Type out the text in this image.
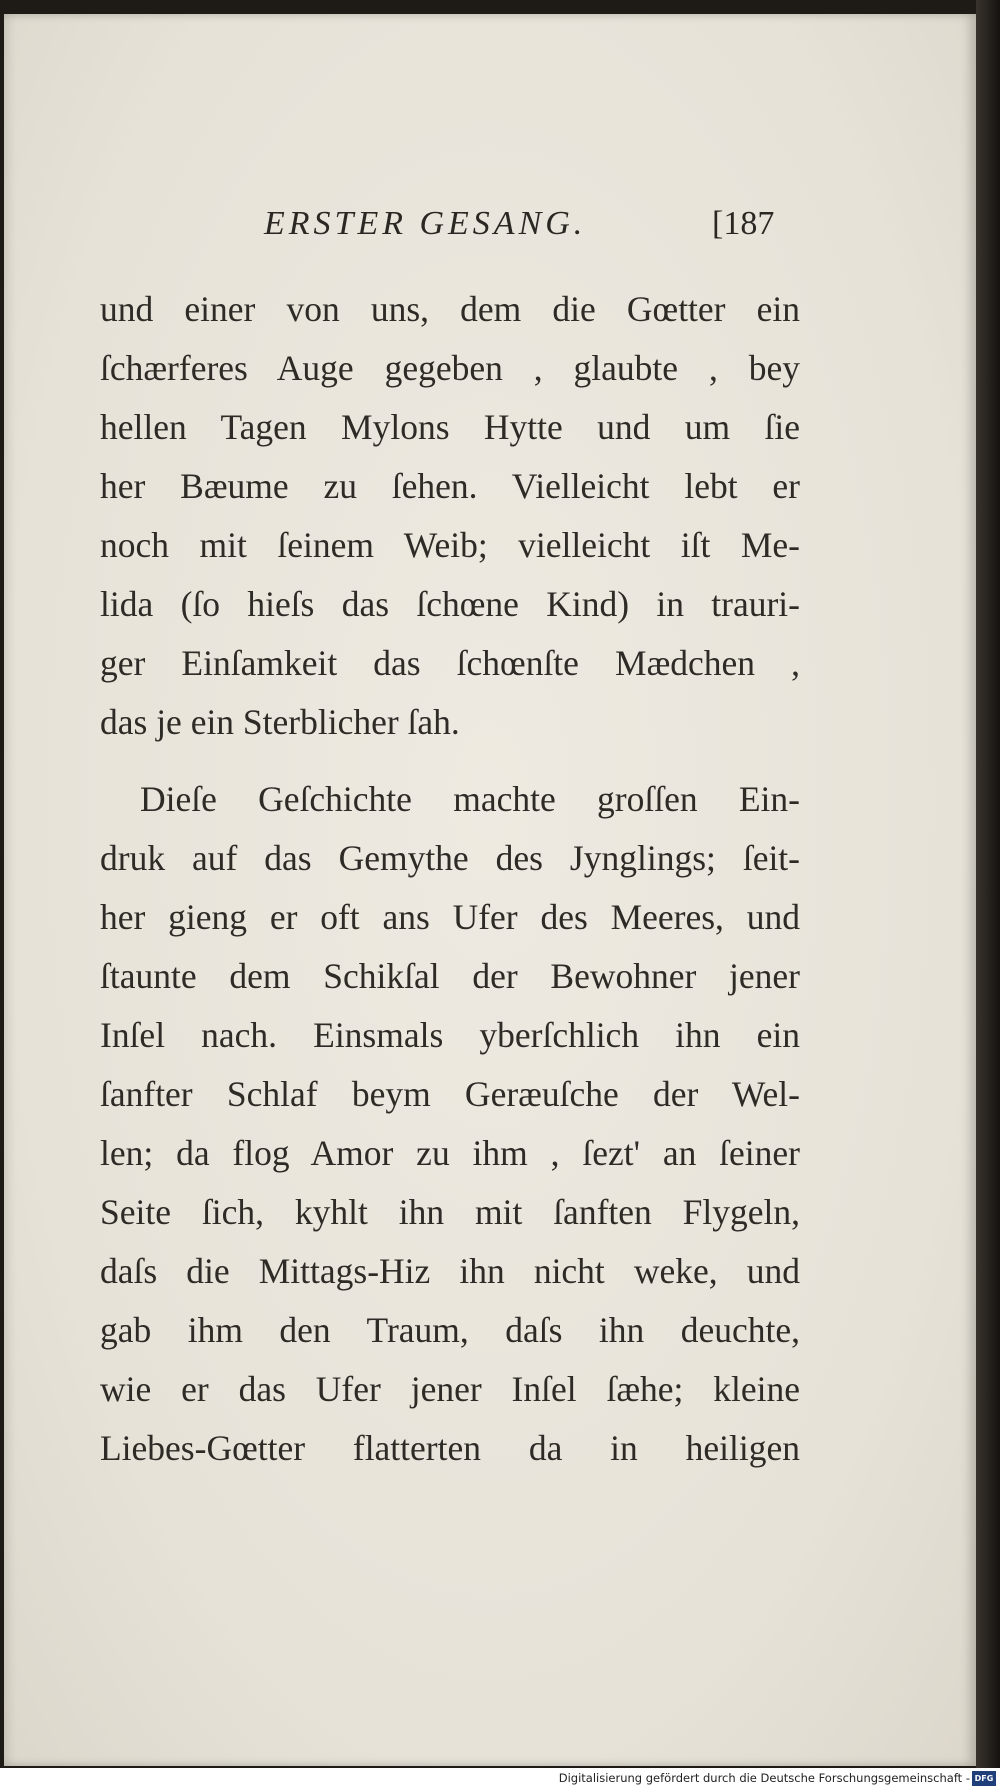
ERSTER GESANG.	[187
und einer von uns, dem die Gœtter ein
ſchærferes Auge gegeben , glaubte , bey
hellen Tagen Mylons Hytte und um ſie
her Bæume zu ſehen. Vielleicht lebt er
noch mit ſeinem Weib; vielleicht iſt Me-
lida (ſo hieſs das ſchœne Kind) in trauri-
ger Einſamkeit das ſchœnſte Mædchen ,
das je ein Sterblicher ſah.
Dieſe Geſchichte machte groſſen Ein-
druk auf das Gemythe des Jynglings; ſeit-
her gieng er oft ans Ufer des Meeres, und
ſtaunte dem Schikſal der Bewohner jener
Inſel nach. Einsmals yberſchlich ihn ein
ſanfter Schlaf beym Geræuſche der Wel-
len; da flog Amor zu ihm , ſezt' an ſeiner
Seite ſich, kyhlt ihn mit ſanften Flygeln,
daſs die Mittags-Hiz ihn nicht weke, und
gab ihm den Traum, daſs ihn deuchte,
wie er das Ufer jener Inſel ſæhe; kleine
Liebes-Gœtter flatterten da in heiligen
Digitalisierung gefördert durch die Deutsche Forschungsgemeinschaft - DFG
